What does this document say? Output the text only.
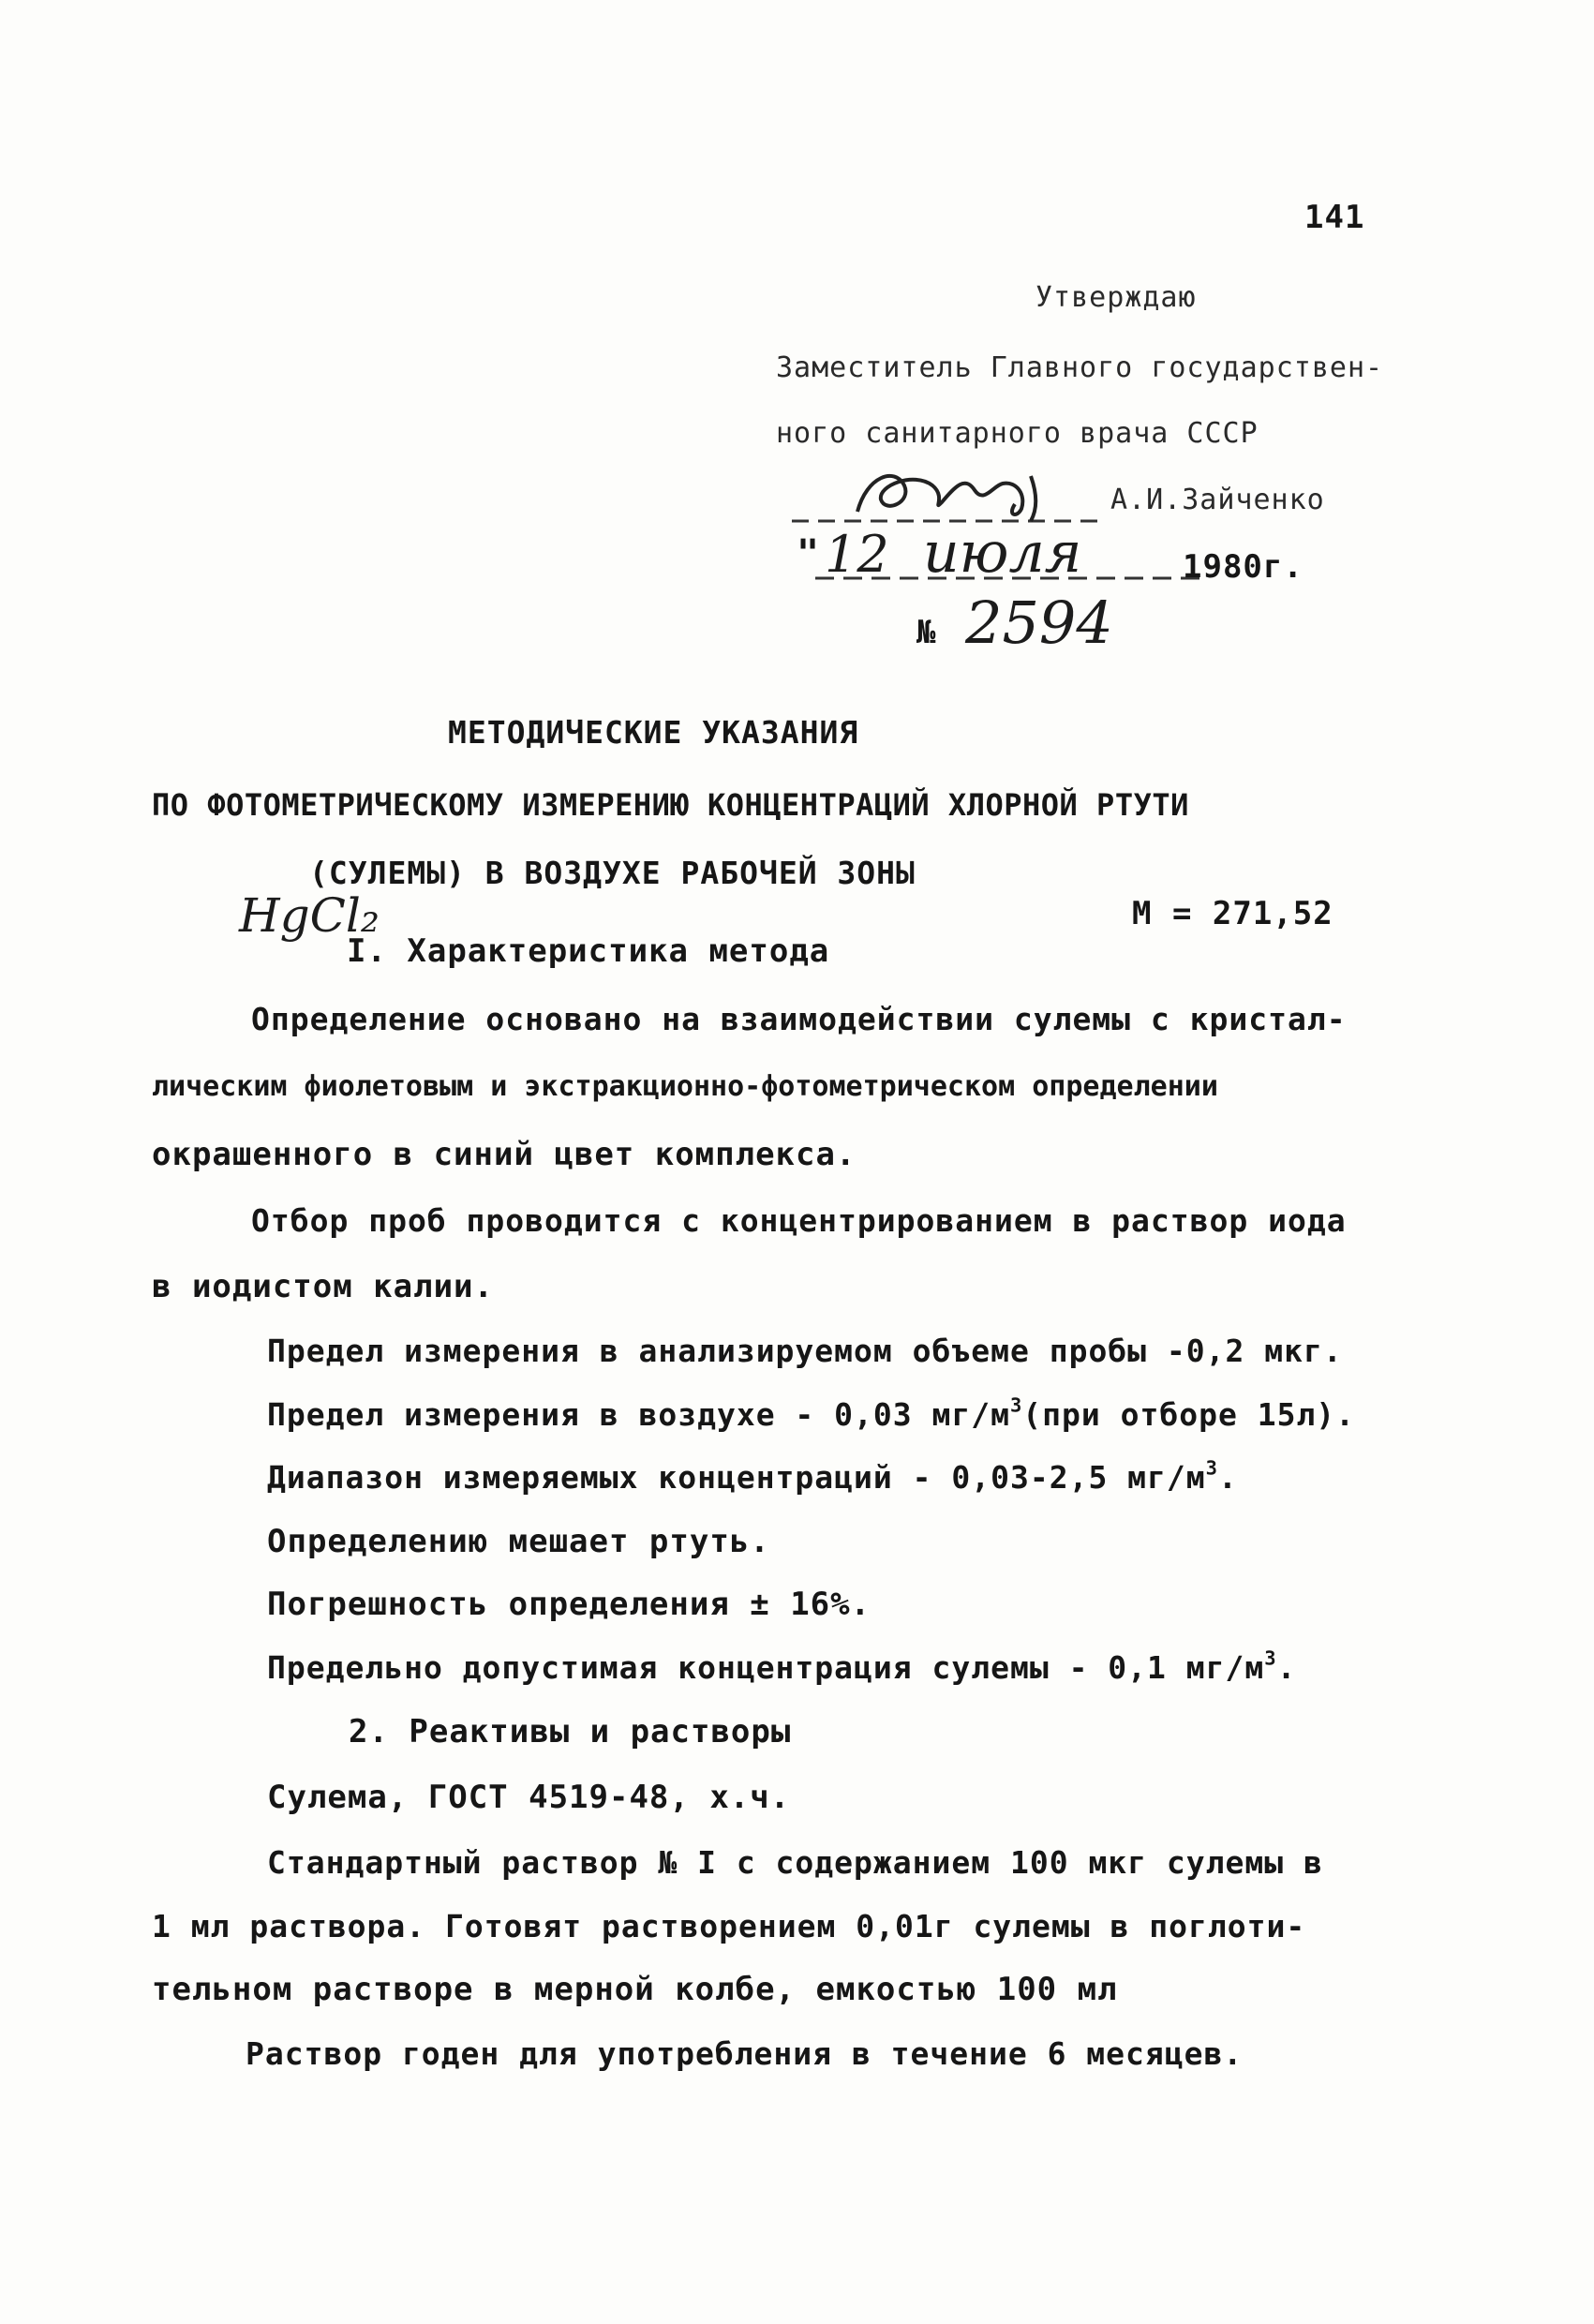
141
Утверждаю
Заместитель Главного государствен-
ного санитарного врача СССР
А.И.Зайченко
" 12 июля	1980г.
№ 2594
МЕТОДИЧЕСКИЕ УКАЗАНИЯ
ПО ФОТОМЕТРИЧЕСКОМУ ИЗМЕРЕНИЮ КОНЦЕНТРАЦИЙ ХЛОРНОЙ РТУТИ
(СУЛЕМЫ) В ВОЗДУХЕ РАБОЧЕЙ ЗОНЫ
HgCl₂	М = 271,52
I. Характеристика метода
Определение основано на взаимодействии сулемы с кристал-
лическим фиолетовым и экстракционно-фотометрическом определении
окрашенного в синий цвет комплекса.
Отбор проб проводится с концентрированием в раствор иода
в иодистом калии.
Предел измерения в анализируемом объеме пробы -0,2 мкг.
Предел измерения в воздухе - 0,03 $мг/м^3(при$ отборе 15л).
Диапазон измеряемых концентраций - 0,03-2,5 $мг/м^3$.
Определению мешает ртуть.
Погрешность определения ± 16%.
Предельно допустимая концентрация сулемы - 0,1 $мг/м^3$.
2. Реактивы и растворы
Сулема, ГОСТ 4519-48, х.ч.
Стандартный раствор № I с содержанием 100 мкг сулемы в
1 мл раствора. Готовят растворением 0,01г сулемы в поглоти-
тельном растворе в мерной колбе, емкостью 100 мл
Раствор годен для употребления в течение 6 месяцев.
